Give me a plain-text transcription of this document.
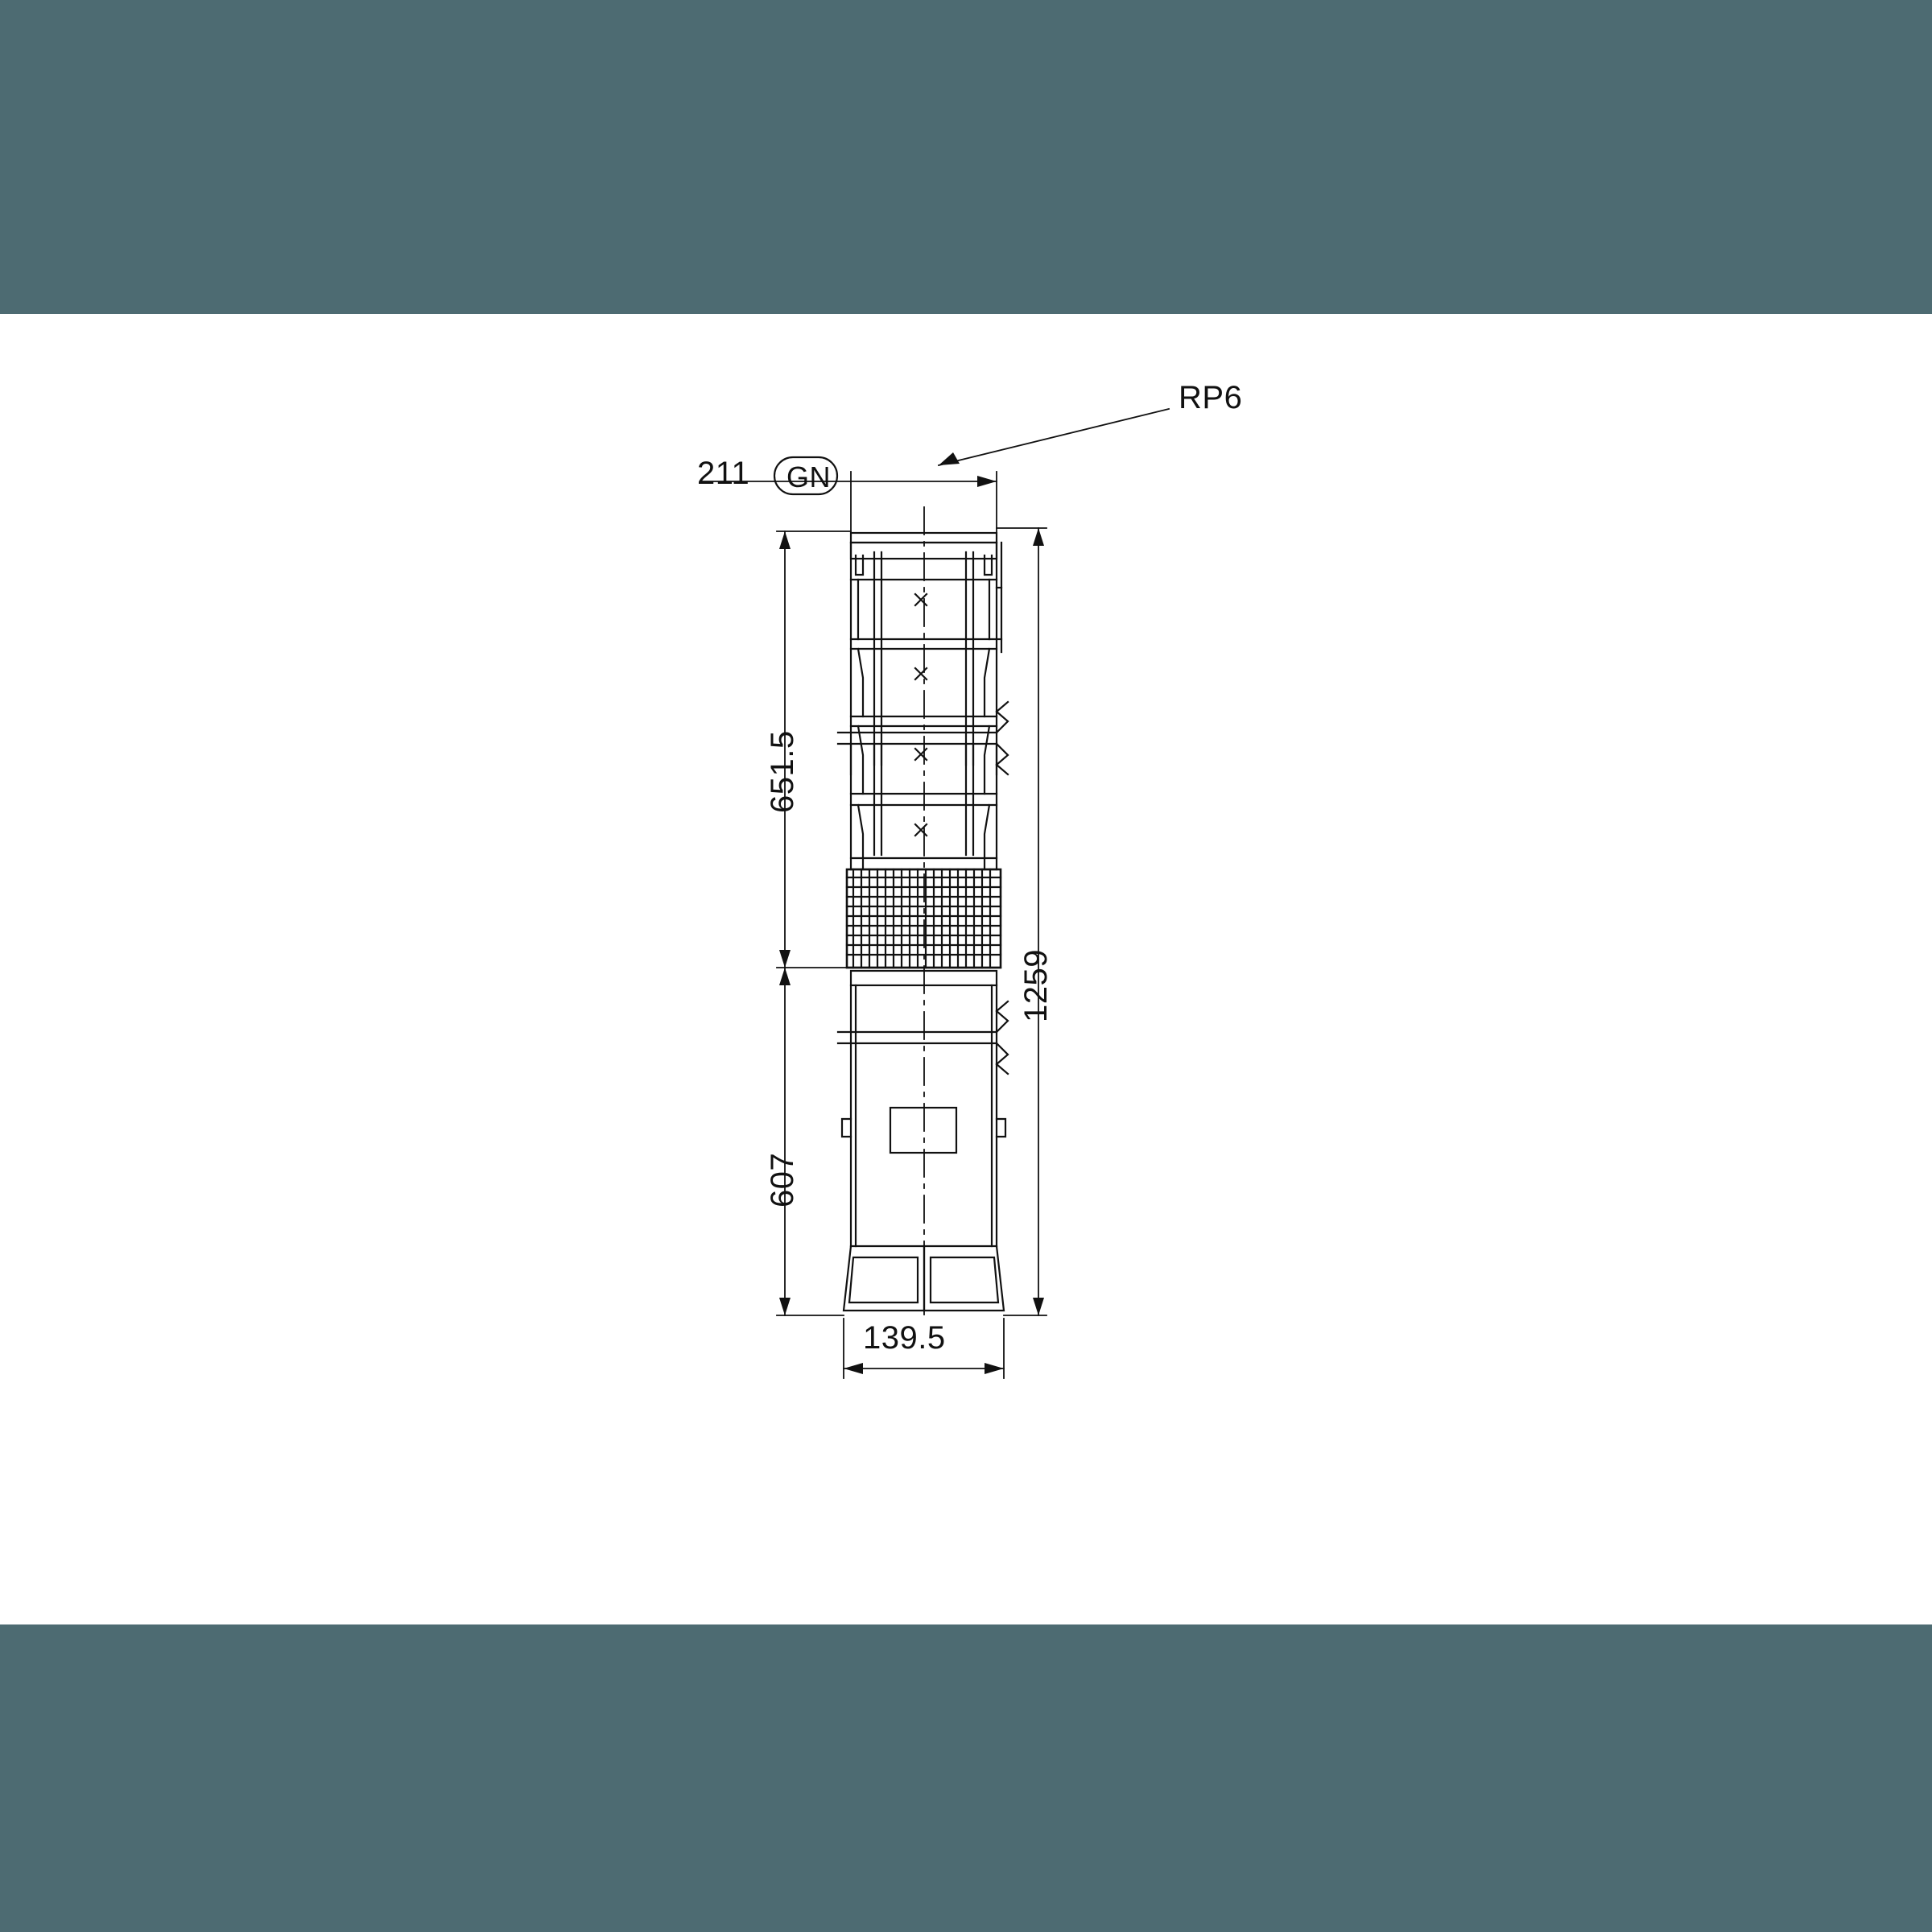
RP6
211 GN
651.5
1259
607
139.5
